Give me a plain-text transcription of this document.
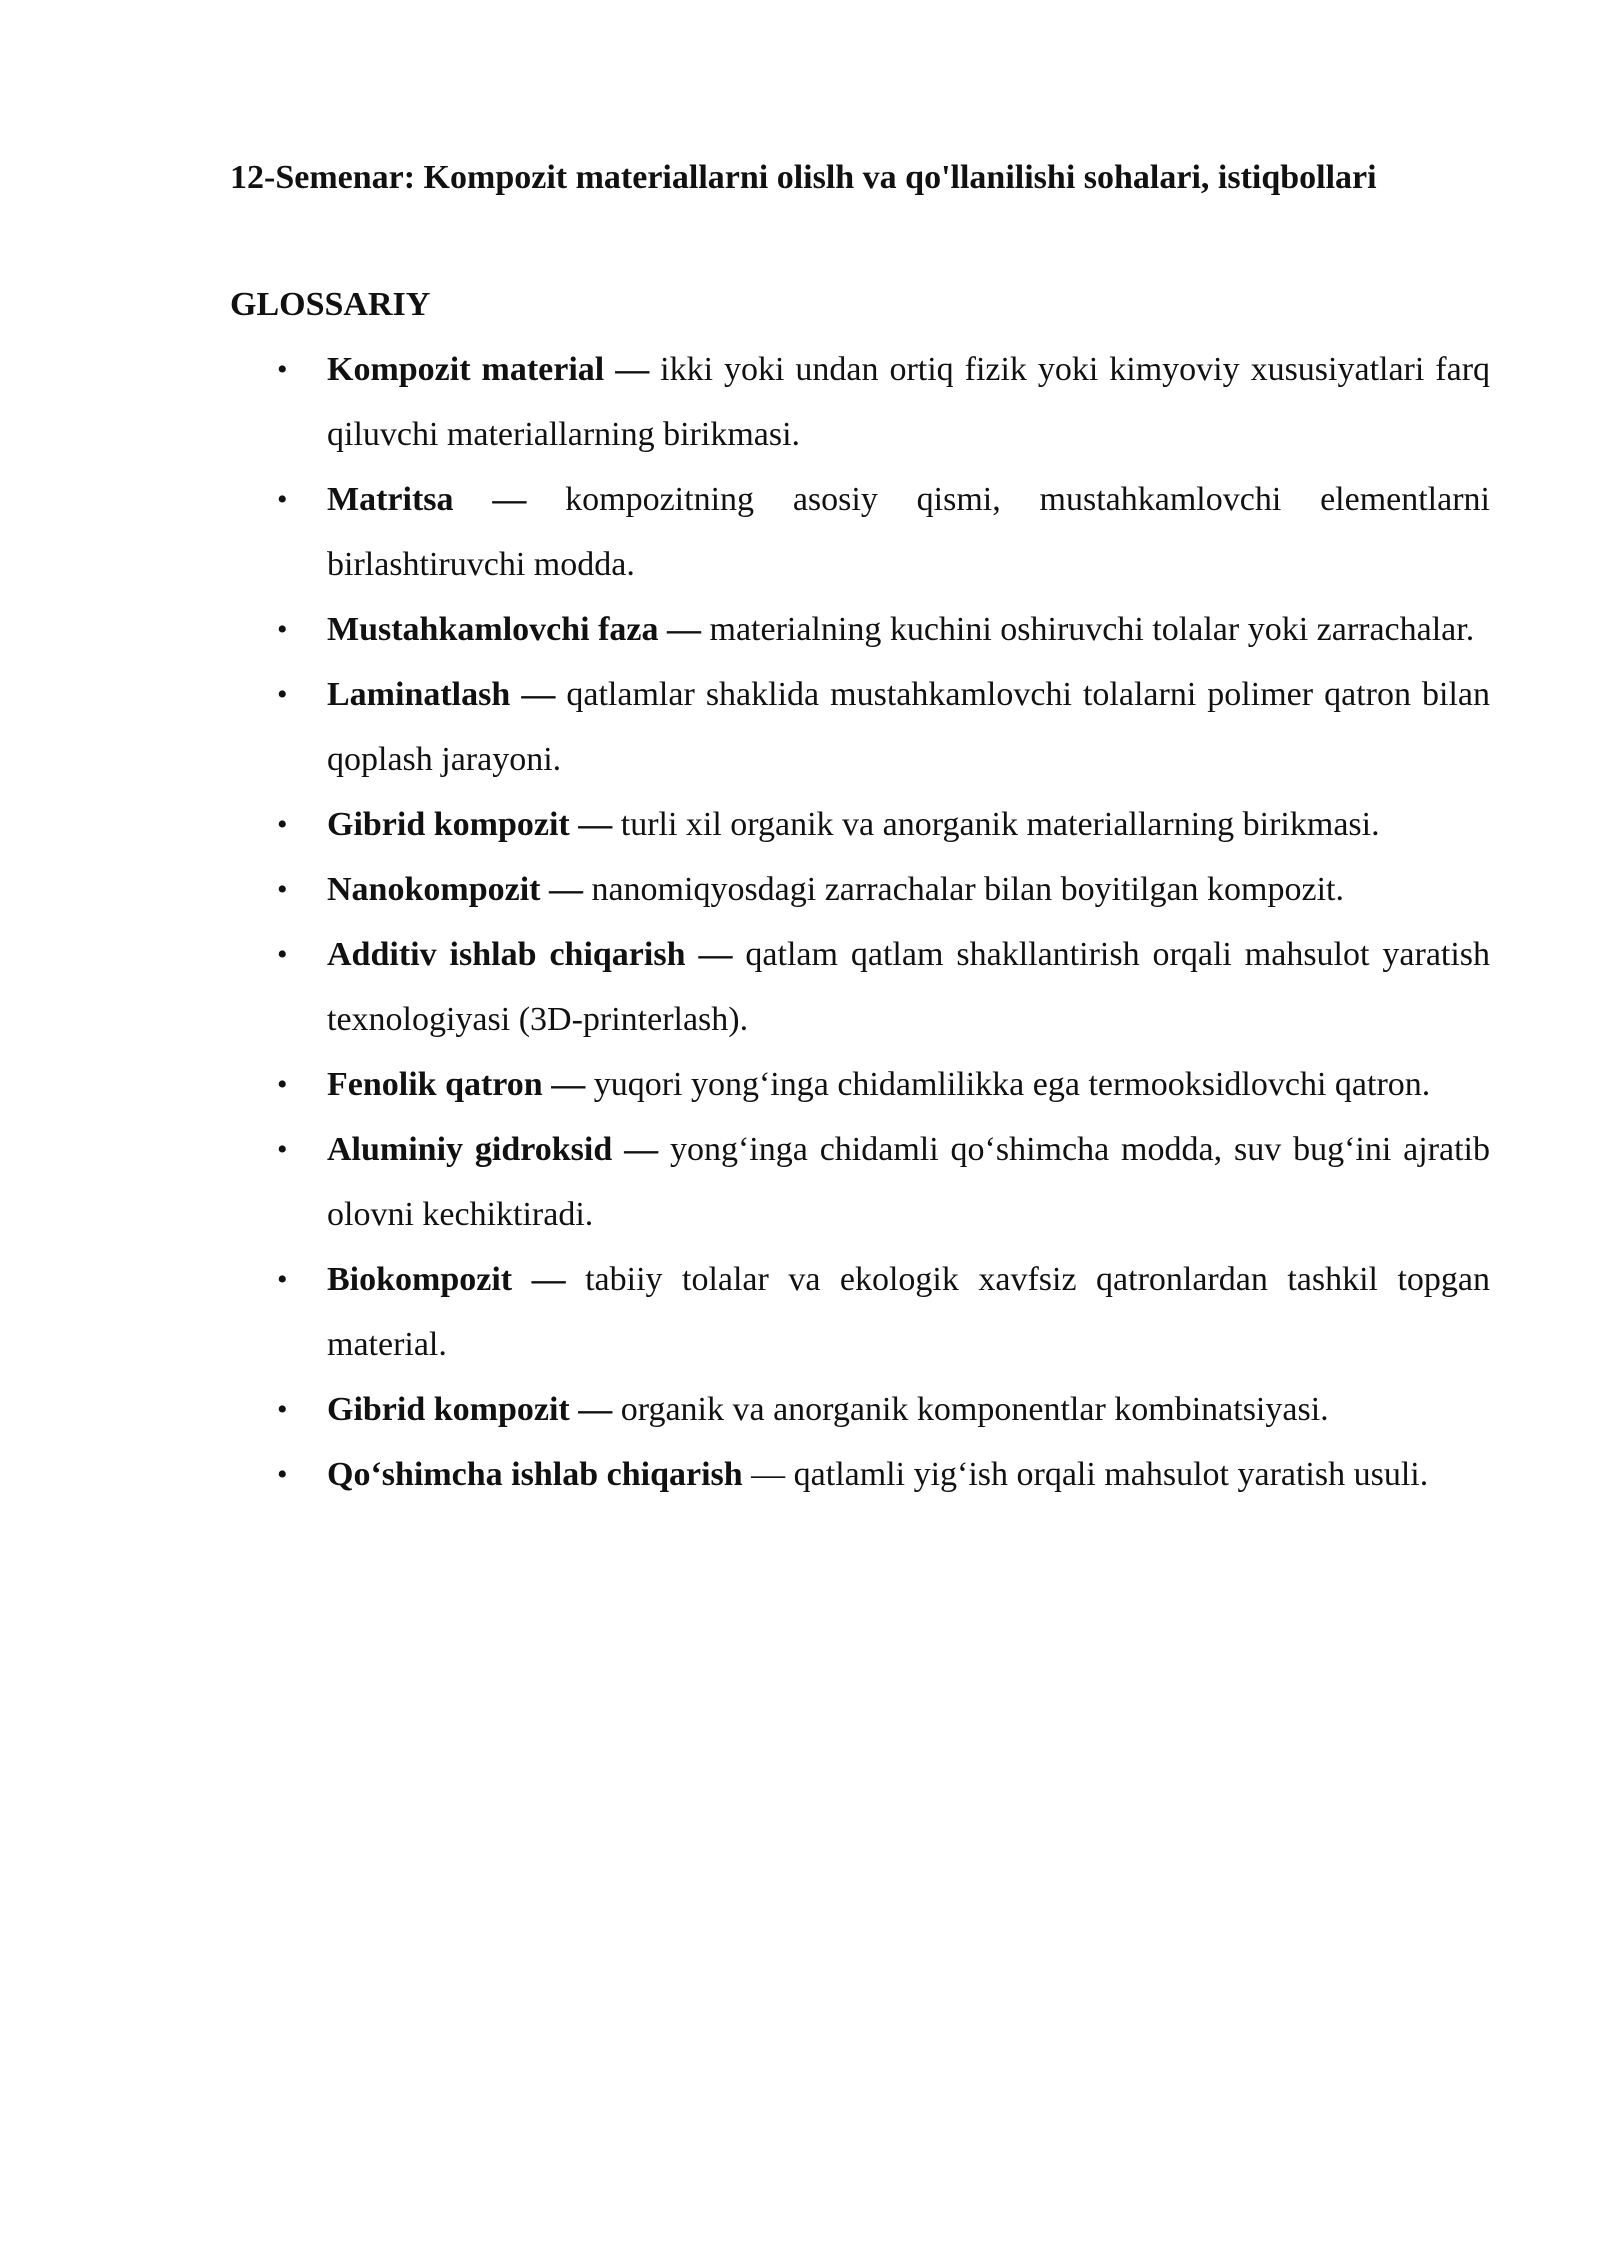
12-Semenar: Kompozit materiallarni olislh va qo'llanilishi sohalari, istiqbollari

GLOSSARIY

• Kompozit material — ikki yoki undan ortiq fizik yoki kimyoviy xususiyatlari farq qiluvchi materiallarning birikmasi.
• Matritsa — kompozitning asosiy qismi, mustahkamlovchi elementlarni birlashtiruvchi modda.
• Mustahkamlovchi faza — materialning kuchini oshiruvchi tolalar yoki zarrachalar.
• Laminatlash — qatlamlar shaklida mustahkamlovchi tolalarni polimer qatron bilan qoplash jarayoni.
• Gibrid kompozit — turli xil organik va anorganik materiallarning birikmasi.
• Nanokompozit — nanomiqyosdagi zarrachalar bilan boyitilgan kompozit.
• Additiv ishlab chiqarish — qatlam qatlam shakllantirish orqali mahsulot yaratish texnologiyasi (3D-printerlash).
• Fenolik qatron — yuqori yong‘inga chidamlilikka ega termooksidlovchi qatron.
• Aluminiy gidroksid — yong‘inga chidamli qo‘shimcha modda, suv bug‘ini ajratib olovni kechiktiradi.
• Biokompozit — tabiiy tolalar va ekologik xavfsiz qatronlardan tashkil topgan material.
• Gibrid kompozit — organik va anorganik komponentlar kombinatsiyasi.
• Qo‘shimcha ishlab chiqarish — qatlamli yig‘ish orqali mahsulot yaratish usuli.
